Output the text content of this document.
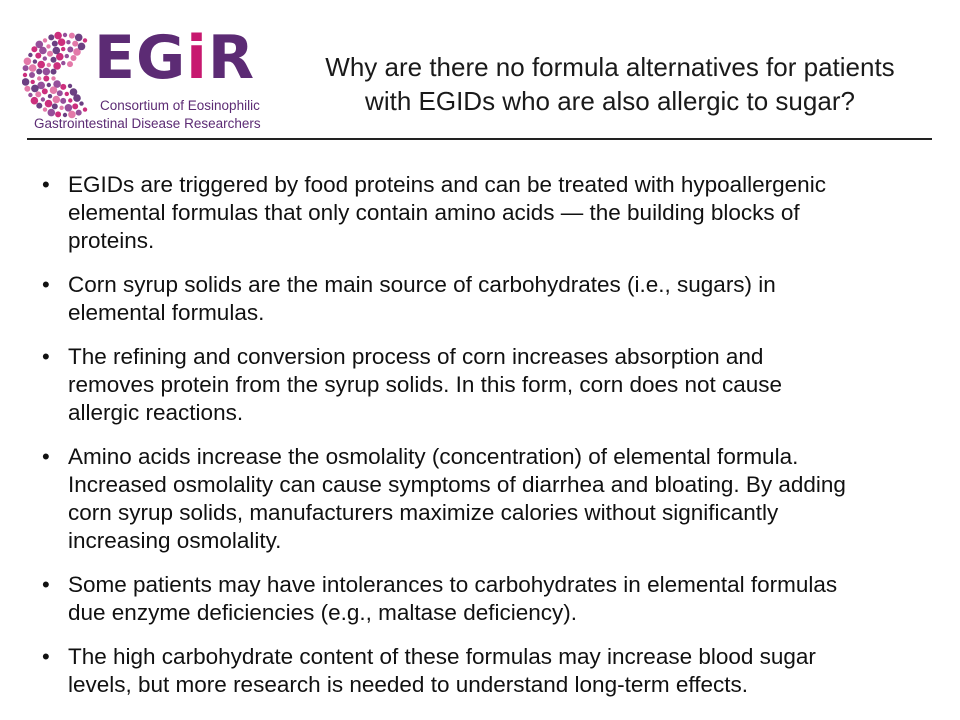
EGiR
Consortium of Eosinophilic
Gastrointestinal Disease Researchers
Why are there no formula alternatives for patients
with EGIDs who are also allergic to sugar?
• EGIDs are triggered by food proteins and can be treated with hypoallergenic
elemental formulas that only contain amino acids — the building blocks of
proteins.
• Corn syrup solids are the main source of carbohydrates (i.e., sugars) in
elemental formulas.
• The refining and conversion process of corn increases absorption and
removes protein from the syrup solids. In this form, corn does not cause
allergic reactions.
• Amino acids increase the osmolality (concentration) of elemental formula.
Increased osmolality can cause symptoms of diarrhea and bloating. By adding
corn syrup solids, manufacturers maximize calories without significantly
increasing osmolality.
• Some patients may have intolerances to carbohydrates in elemental formulas
due enzyme deficiencies (e.g., maltase deficiency).
• The high carbohydrate content of these formulas may increase blood sugar
levels, but more research is needed to understand long-term effects.
